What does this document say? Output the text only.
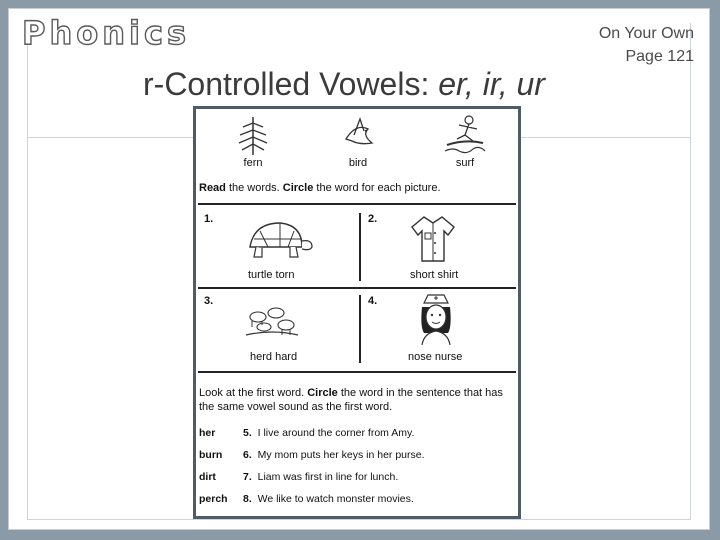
Phonics	On Your Own
Page 121
r-Controlled Vowels: er, ir, ur
fern	bird	surf
Read the words. Circle the word for each picture.
1.
turtle torn
2.
short shirt
3.
herd hard
4.
nose nurse
Look at the first word. Circle the word in the sentence that has
the same vowel sound as the first word.
her	5. I live around the corner from Amy.
burn 6. My mom puts her keys in her purse.
dirt	7. Liam was first in line for lunch.
perch 8. We like to watch monster movies.
